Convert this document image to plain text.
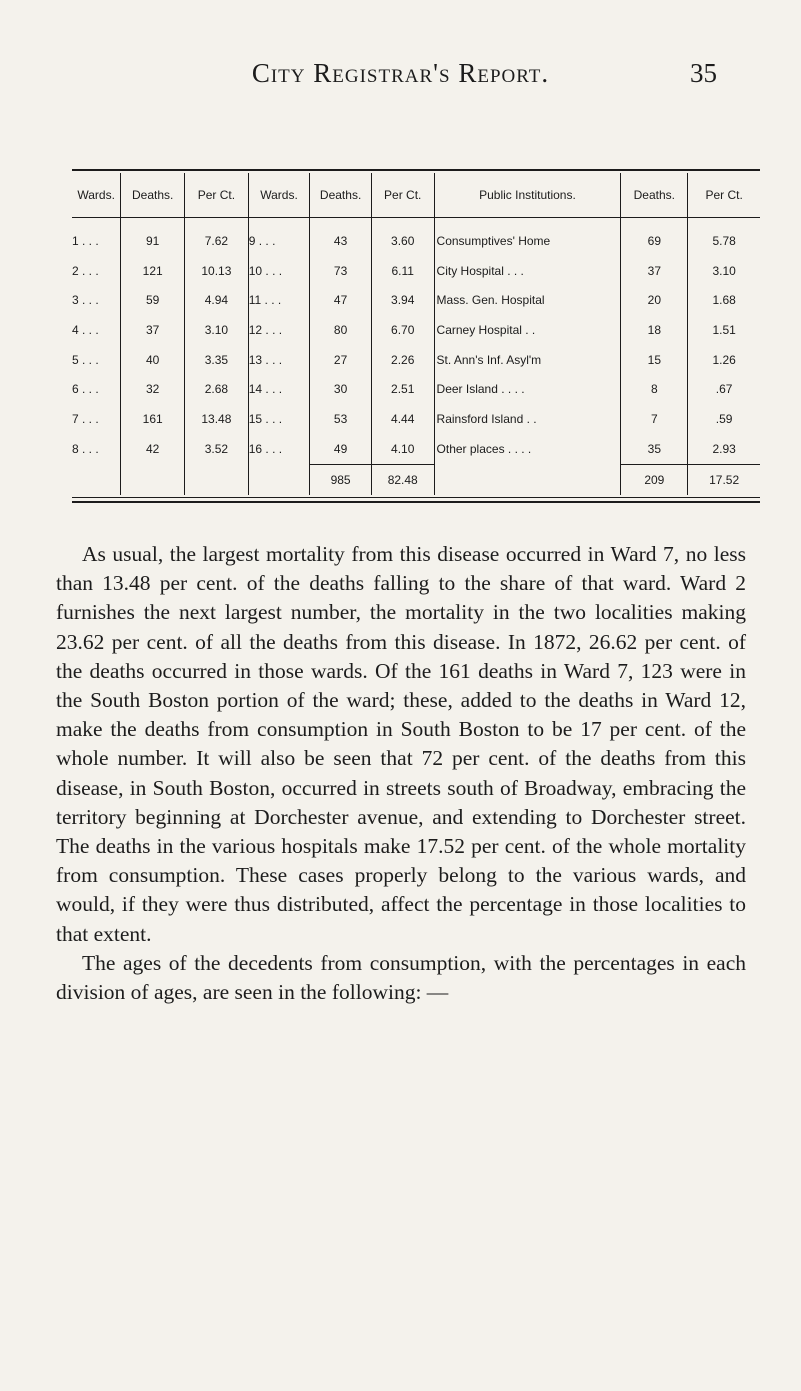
City Registrar's Report.	35
Wards.	Deaths.	Per Ct.	Wards.	Deaths.	Per Ct.	Public Institutions.	Deaths.	Per Ct.
1 . . .	91	7.62	9 . . .	43	3.60	Consumptives' Home	69	5.78
2 . . .	121	10.13	10 . . .	73	6.11	City Hospital . . .	37	3.10
3 . . .	59	4.94	11 . . .	47	3.94	Mass. Gen. Hospital	20	1.68
4 . . .	37	3.10	12 . . .	80	6.70	Carney Hospital . .	18	1.51
5 . . .	40	3.35	13 . . .	27	2.26	St. Ann's Inf. Asyl'm	15	1.26
6 . . .	32	2.68	14 . . .	30	2.51	Deer Island . . . .	8	.67
7 . . .	161	13.48	15 . . .	53	4.44	Rainsford Island . .	7	.59
8 . . .	42	3.52	16 . . .	49	4.10	Other places . . . .	35	2.93
				985	82.48		209	17.52

As usual, the largest mortality from this disease occurred in Ward 7, no less than 13.48 per cent. of the deaths falling to the share of that ward. Ward 2 furnishes the next largest number, the mortality in the two localities making 23.62 per cent. of all the deaths from this disease. In 1872, 26.62 per cent. of the deaths occurred in those wards. Of the 161 deaths in Ward 7, 123 were in the South Boston portion of the ward; these, added to the deaths in Ward 12, make the deaths from consumption in South Boston to be 17 per cent. of the whole number. It will also be seen that 72 per cent. of the deaths from this disease, in South Boston, occurred in streets south of Broadway, embracing the territory beginning at Dorchester avenue, and extending to Dorchester street. The deaths in the various hospitals make 17.52 per cent. of the whole mortality from consumption. These cases properly belong to the various wards, and would, if they were thus distributed, affect the percentage in those localities to that extent.

The ages of the decedents from consumption, with the percentages in each division of ages, are seen in the following: —
